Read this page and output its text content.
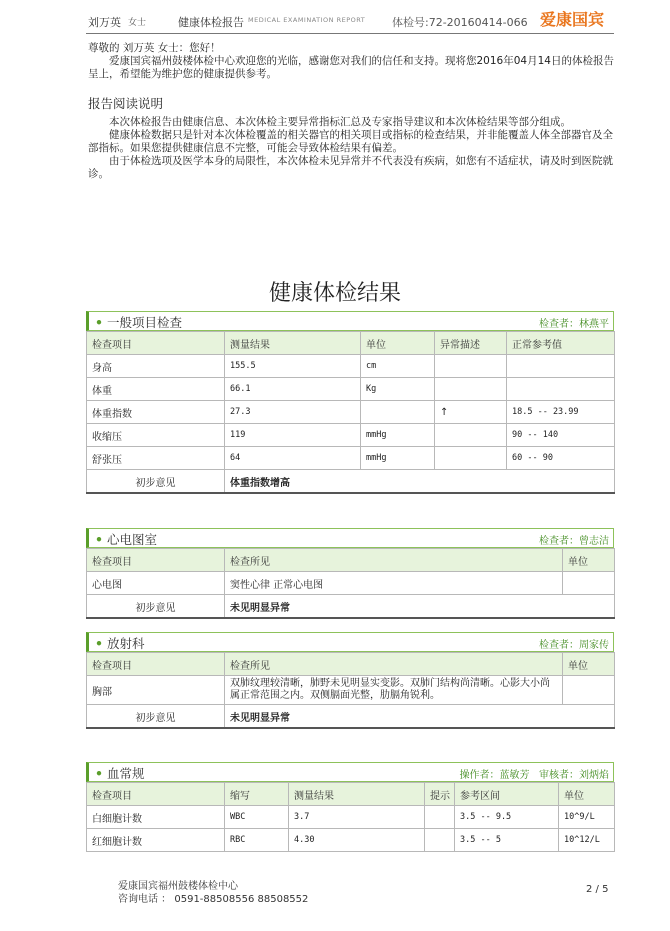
刘万英 女士	健康体检报告 MEDICAL EXAMINATION REPORT 体检号:72-20160414-066 爱康国宾

尊敬的 刘万英 女士：您好！

爱康国宾福州鼓楼体检中心欢迎您的光临，感谢您对我们的信任和支持。现将您2016年04月14日的体检报告呈上，希望能为维护您的健康提供参考。

报告阅读说明

本次体检报告由健康信息、本次体检主要异常指标汇总及专家指导建议和本次体检结果等部分组成。

健康体检数据只是针对本次体检覆盖的相关器官的相关项目或指标的检查结果，并非能覆盖人体全部器官及全部指标。如果您提供健康信息不完整，可能会导致体检结果有偏差。

由于体检选项及医学本身的局限性，本次体检未见异常并不代表没有疾病，如您有不适症状，请及时到医院就诊。

健康体检结果
• 一般项目检查	检查者：林燕平
检查项目	测量结果	单位	异常描述	正常参考值
身高	155.5	cm		
体重	66.1	Kg		
体重指数	27.3		↑	18.5 -- 23.99
收缩压	119	mmHg		90 -- 140
舒张压	64	mmHg		60 -- 90
初步意见	体重指数增高			
• 心电图室	检查者：曾志洁
检查项目	检查所见	单位
心电图	窦性心律 正常心电图	
初步意见	未见明显异常	
• 放射科	检查者：周家传
检查项目	检查所见	单位
胸部	双肺纹理较清晰，肺野未见明显实变影。双肺门结构尚清晰。心影大小尚属正常范围之内。双侧膈面光整，肋膈角锐利。	
初步意见	未见明显异常	
• 血常规	操作者：蓝敏芳 审核者：刘炳焰
检查项目	缩写	测量结果	提示	参考区间	单位
白细胞计数	WBC	3.7		3.5 -- 9.5	10^9/L
红细胞计数	RBC	4.30		3.5 -- 5	10^12/L
爱康国宾福州鼓楼体检中心
咨询电话 ： 0591-88508556 88508552
2 / 5
